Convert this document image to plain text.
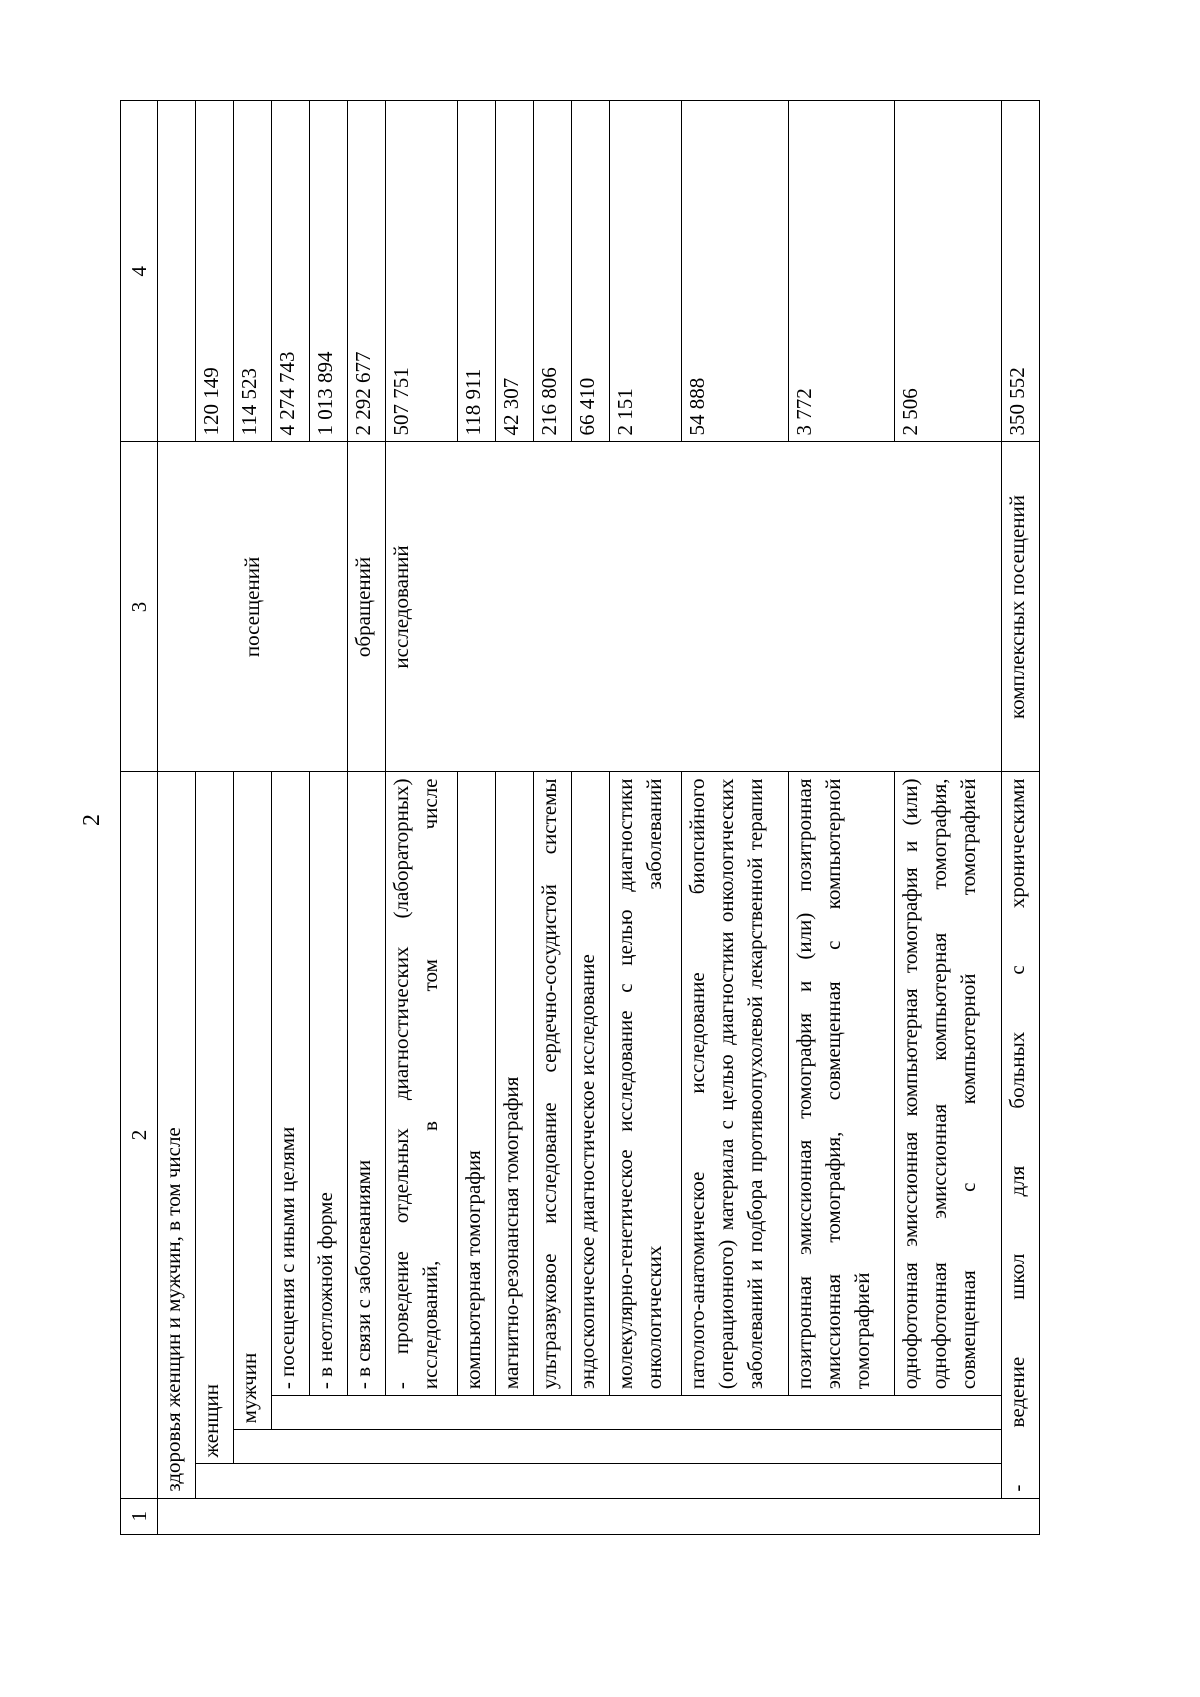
2
1	2				3	4
	здоровья женщин и мужчин, в том числе				посещений	
		женщин				120 149
			мужчин			114 523
				- посещения с иными целями		4 274 743
				- в неотложной форме		1 013 894
				- в связи с заболеваниями	обращений	2 292 677
				- проведение отдельных диагностических (лабораторных) исследований, в том числе	исследований	507 751
				компьютерная томография		118 911
				магнитно-резонансная томография		42 307
				ультразвуковое исследование сердечно-сосудистой системы		216 806
				эндоскопическое диагностическое исследование		66 410
				молекулярно-генетическое исследование с целью диагностики онкологических заболеваний		2 151
				патолого-анатомическое исследование биопсийного (операционного) материала с целью диагностики онкологических заболеваний и подбора противоопухолевой лекарственной терапии		54 888
				позитронная эмиссионная томография и (или) позитронная эмиссионная томография, совмещенная с компьютерной томографией		3 772
				однофотонная эмиссионная компьютерная томография и (или) однофотонная эмиссионная компьютерная томография, совмещенная с компьютерной томографией		2 506
	- ведение школ для больных с хроническими				комплексных посещений	350 552
